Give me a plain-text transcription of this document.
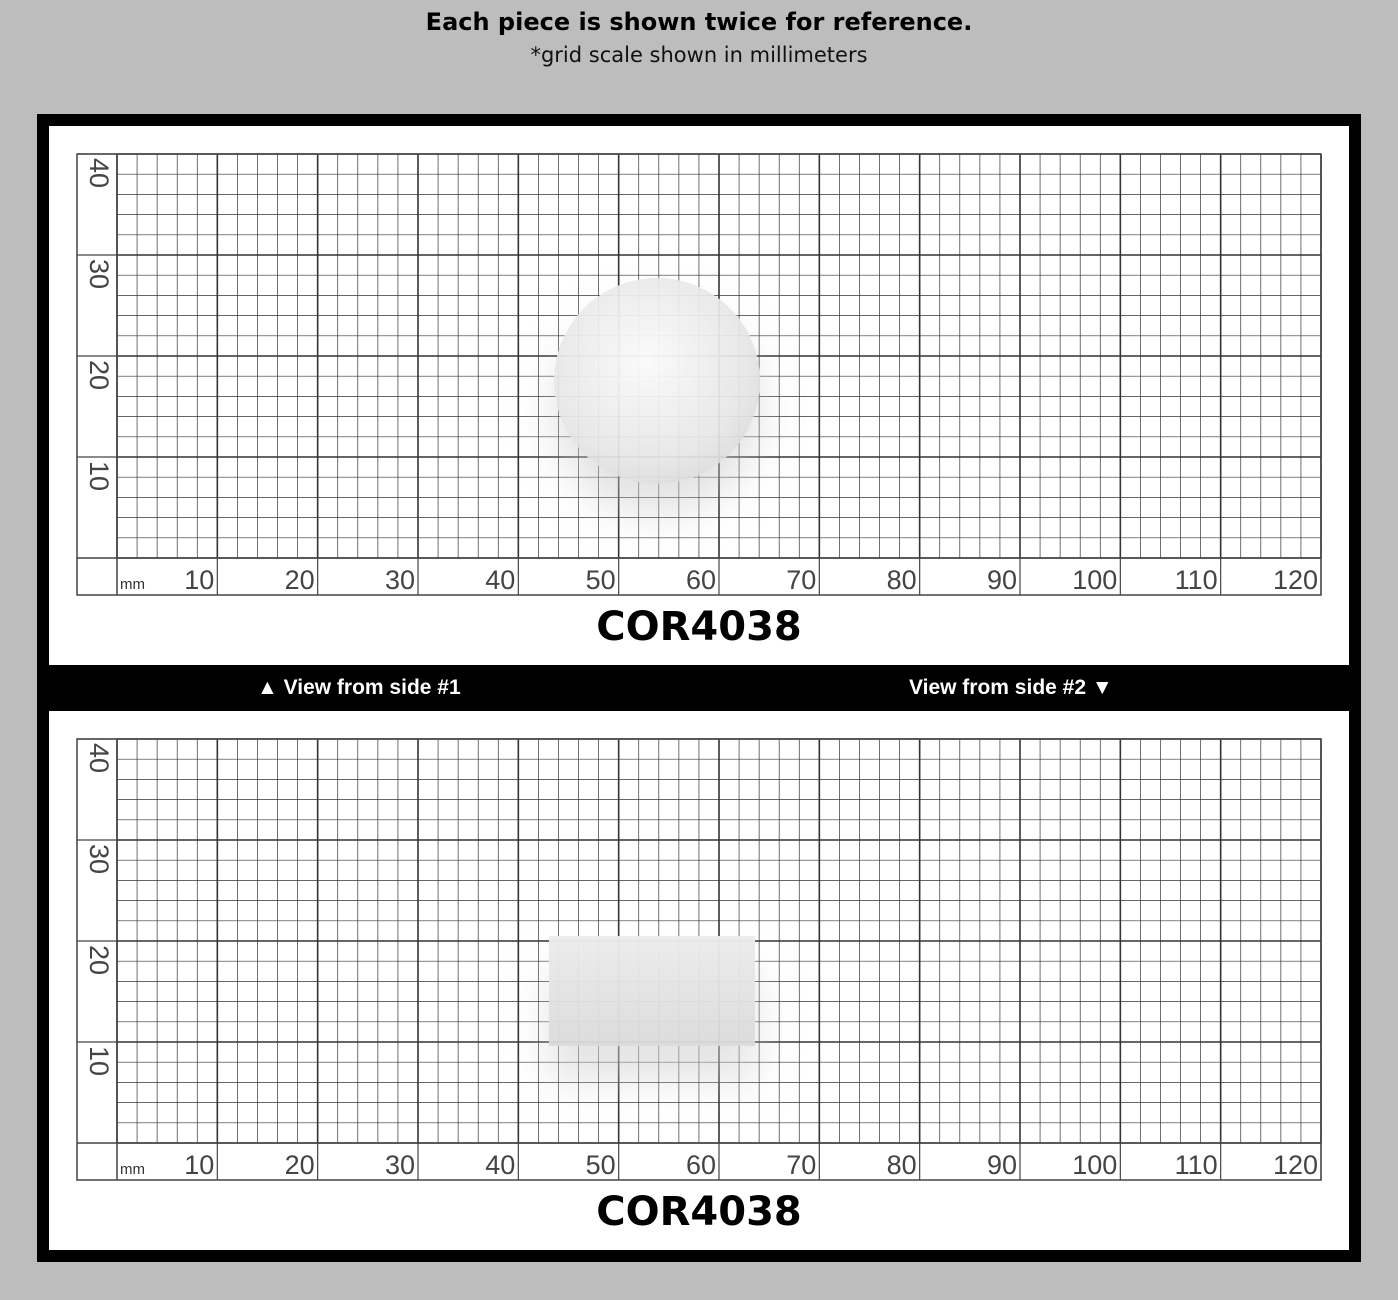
Each piece is shown twice for reference.
*grid scale shown in millimeters
mm 10	20	30	40	50	60	70	80	90 100 110 120
10
20
30
40
COR4038
▲ View from side #1	View from side #2 ▼
mm 10	20	30	40	50	60	70	80	90 100 110 120
10
20
30
40
COR4038
